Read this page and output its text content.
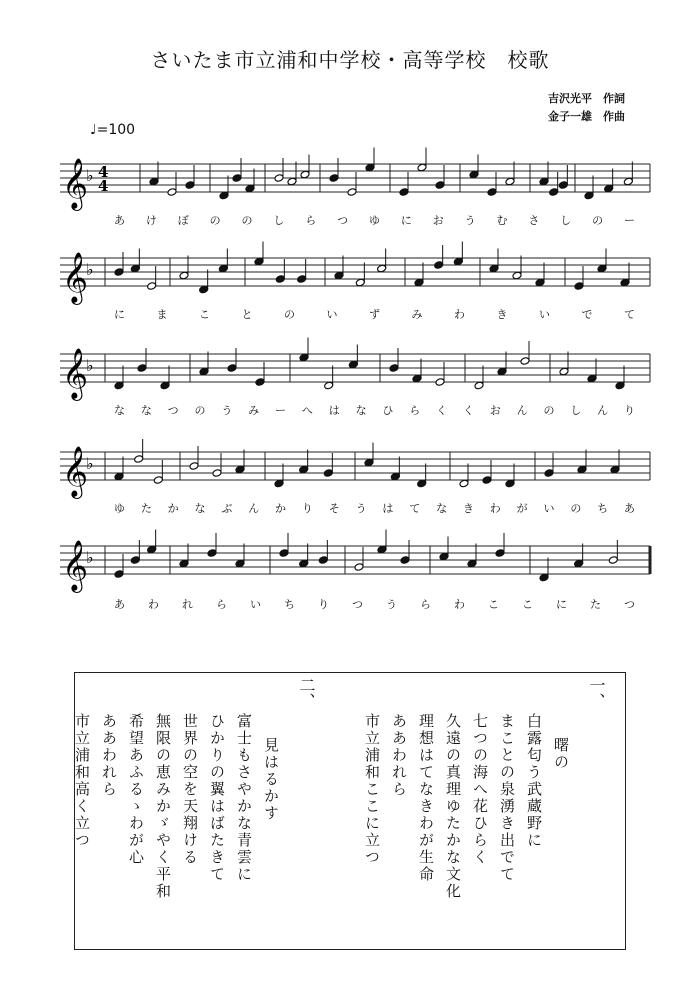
さいたま市立浦和中学校・高等学校　校歌
吉沢光平　作詞
金子一雄　作曲
♩=100
𝄞
♭ 4
4
𝄞
♭
𝄞
♭
𝄞
♭
𝄞
♭
あ け ぼ の の し ら つ ゆ に お う む さ し の ー
に	ま	こ	と	の	い	ず	み	わ	き	い	で	て
な な つ の う み ー へ は な ひ ら く く お ん の し ん り
ゆ た か な ぶ ん か り そ う は て な き わ が い の ち あ
あ わ れ ら い ち り つ う ら わ こ こ に た つ
一、
曙の
白露匂う武蔵野に
まことの泉湧き出でて
七つの海へ花ひらく
久遠の真理ゆたかな文化
理想はてなきわが生命
ああわれら
市立浦和ここに立つ
二、
見はるかす
富士もさやかな青雲に
ひかりの翼はばたきて
世界の空を天翔ける
無限の恵みかゞやく平和
希望あふるゝわが心
ああわれら
市立浦和高く立つ
